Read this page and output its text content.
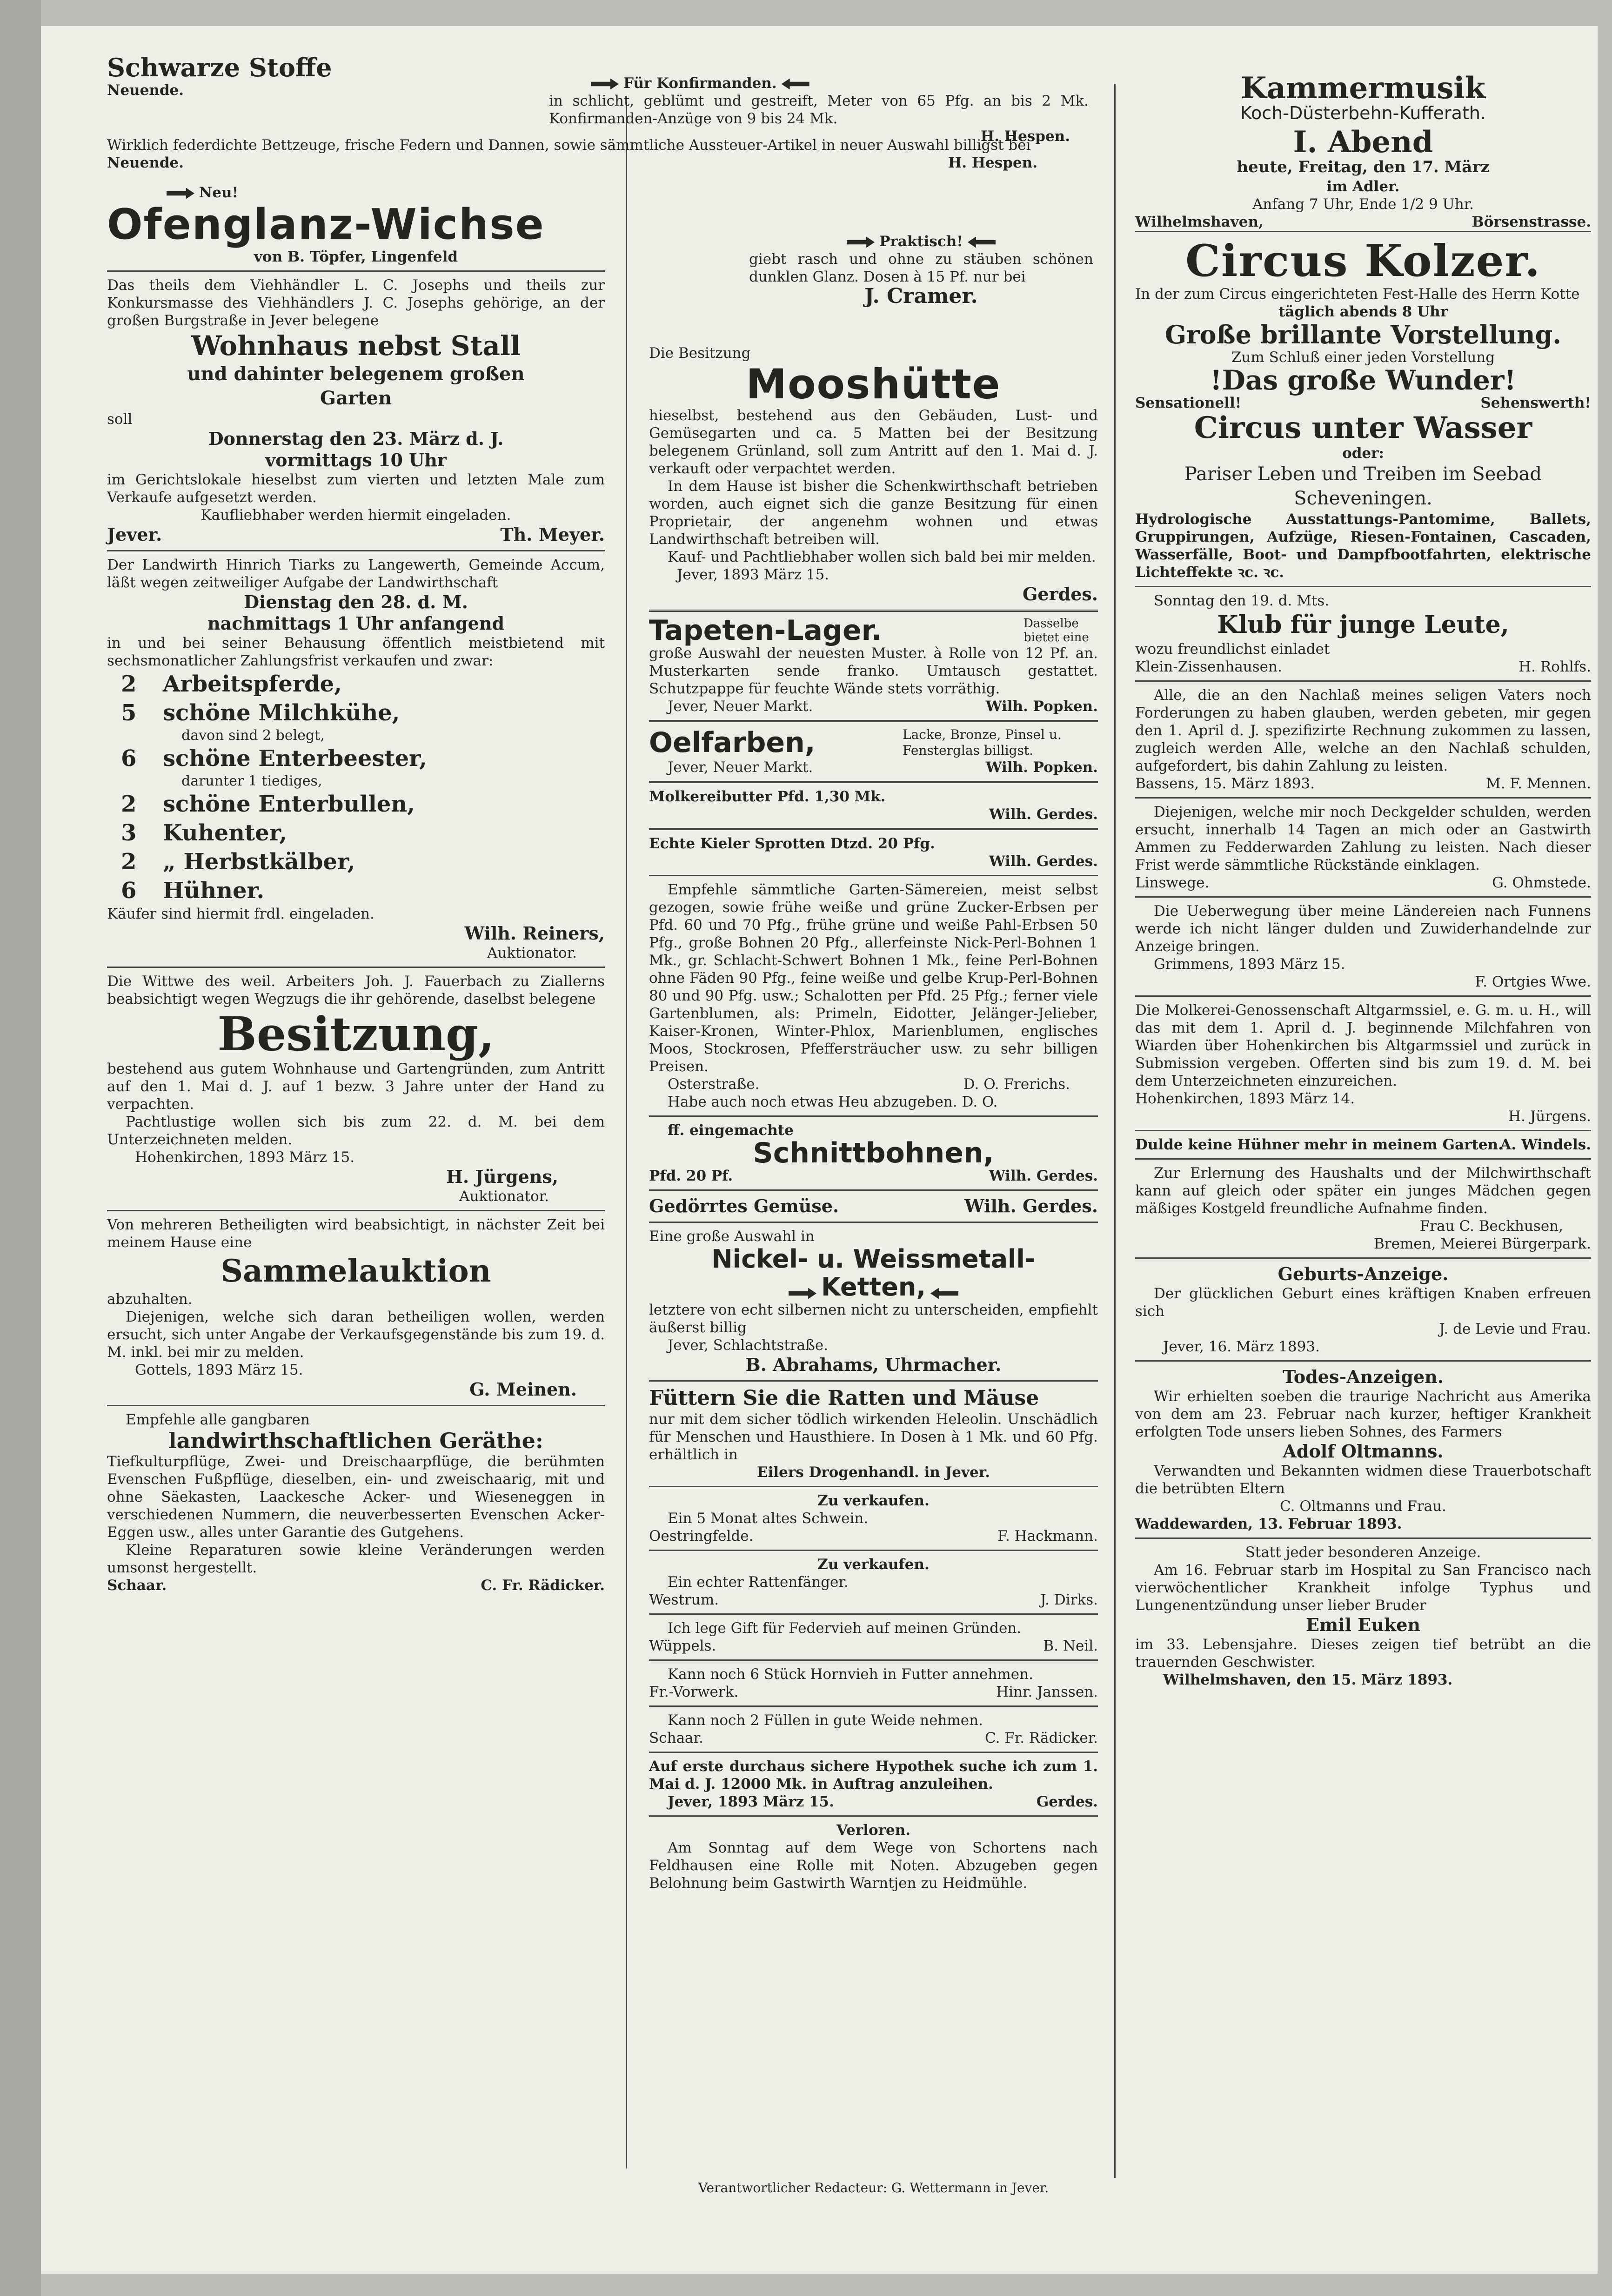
Schwarze Stoffe
Neuende.
Wirklich federdichte Bettzeuge, frische Federn und Dannen, sowie sämmtliche Aussteuer-Artikel in neuer Auswahl billigst bei
Neuende.	H. Hespen.
Neu!
Ofenglanz-Wichse
von B. Töpfer, Lingenfeld
Das theils dem Viehhändler L. C. Josephs und theils zur Konkursmasse des Viehhändlers J. C. Josephs gehörige, an der großen Burgstraße in Jever belegene
Wohnhaus nebst Stall
und dahinter belegenem großen
Garten
soll
Donnerstag den 23. März d. J.
vormittags 10 Uhr
im Gerichtslokale hieselbst zum vierten und letzten Male zum Verkaufe aufgesetzt werden.
Kaufliebhaber werden hiermit eingeladen.
Jever.	Th. Meyer.
Der Landwirth Hinrich Tiarks zu Langewerth, Gemeinde Accum, läßt wegen zeitweiliger Aufgabe der Landwirthschaft
Dienstag den 28. d. M.
nachmittags 1 Uhr anfangend
in und bei seiner Behausung öffentlich meistbietend mit sechsmonatlicher Zahlungsfrist verkaufen und zwar:
2	Arbeitspferde,
5	schöne Milchkühe,
davon sind 2 belegt,
6	schöne Enterbeester,
darunter 1 tiediges,
2	schöne Enterbullen,
3	Kuhenter,
2	„ Herbstkälber,
6	Hühner.
Käufer sind hiermit frdl. eingeladen.
Wilh. Reiners,
Auktionator.
Die Wittwe des weil. Arbeiters Joh. J. Fauerbach zu Ziallerns beabsichtigt wegen Wegzugs die ihr gehörende, daselbst belegene
Besitzung,
bestehend aus gutem Wohnhause und Gartengründen, zum Antritt auf den 1. Mai d. J. auf 1 bezw. 3 Jahre unter der Hand zu verpachten.
Pachtlustige wollen sich bis zum 22. d. M. bei dem Unterzeichneten melden.
Hohenkirchen, 1893 März 15.
H. Jürgens,
Auktionator.
Von mehreren Betheiligten wird beabsichtigt, in nächster Zeit bei meinem Hause eine
Sammelauktion
abzuhalten.
Diejenigen, welche sich daran betheiligen wollen, werden ersucht, sich unter Angabe der Verkaufsgegenstände bis zum 19. d. M. inkl. bei mir zu melden.
Gottels, 1893 März 15.
G. Meinen.
Empfehle alle gangbaren
landwirthschaftlichen Geräthe:
Tiefkulturpflüge, Zwei- und Dreischaarpflüge, die berühmten Evenschen Fußpflüge, dieselben, ein- und zweischaarig, mit und ohne Säekasten, Laackesche Acker- und Wieseneggen in verschiedenen Nummern, die neuverbesserten Evenschen Acker-Eggen usw., alles unter Garantie des Gutgehens.
Kleine Reparaturen sowie kleine Veränderungen werden umsonst hergestellt.
Schaar.	C. Fr. Rädicker.
Für Konfirmanden.
in schlicht, geblümt und gestreift, Meter von 65 Pfg. an bis 2 Mk. Konfirmanden-Anzüge von 9 bis 24 Mk.
H. Hespen.
Praktisch!
giebt rasch und ohne zu stäuben schönen dunklen Glanz. Dosen à 15 Pf. nur bei
J. Cramer.
Die Besitzung
Mooshütte
hieselbst, bestehend aus den Gebäuden, Lust- und Gemüsegarten und ca. 5 Matten bei der Besitzung belegenem Grünland, soll zum Antritt auf den 1. Mai d. J. verkauft oder verpachtet werden.
In dem Hause ist bisher die Schenkwirthschaft betrieben worden, auch eignet sich die ganze Besitzung für einen Proprietair, der angenehm wohnen und etwas Landwirthschaft betreiben will.
Kauf- und Pachtliebhaber wollen sich bald bei mir melden.
Jever, 1893 März 15.
Gerdes.
Tapeten-Lager.	Dasselbe bietet eine
große Auswahl der neuesten Muster. à Rolle von 12 Pf. an. Musterkarten sende franko. Umtausch gestattet. Schutzpappe für feuchte Wände stets vorräthig.
Jever, Neuer Markt.	Wilh. Popken.
Oelfarben,	Lacke, Bronze, Pinsel u. Fensterglas billigst.
Jever, Neuer Markt.	Wilh. Popken.
Molkereibutter Pfd. 1,30 Mk.
Wilh. Gerdes.
Echte Kieler Sprotten Dtzd. 20 Pfg.
Wilh. Gerdes.
Empfehle sämmtliche Garten-Sämereien, meist selbst gezogen, sowie frühe weiße und grüne Zucker-Erbsen per Pfd. 60 und 70 Pfg., frühe grüne und weiße Pahl-Erbsen 50 Pfg., große Bohnen 20 Pfg., allerfeinste Nick-Perl-Bohnen 1 Mk., gr. Schlacht-Schwert Bohnen 1 Mk., feine Perl-Bohnen ohne Fäden 90 Pfg., feine weiße und gelbe Krup-Perl-Bohnen 80 und 90 Pfg. usw.; Schalotten per Pfd. 25 Pfg.; ferner viele Gartenblumen, als: Primeln, Eidotter, Jelänger-Jelieber, Kaiser-Kronen, Winter-Phlox, Marienblumen, englisches Moos, Stockrosen, Pfeffersträucher usw. zu sehr billigen Preisen.
Osterstraße.	D. O. Frerichs.
Habe auch noch etwas Heu abzugeben. D. O.
ff. eingemachte
Schnittbohnen,
Pfd. 20 Pf.	Wilh. Gerdes.
Gedörrtes Gemüse.	Wilh. Gerdes.
Eine große Auswahl in
Nickel- u. Weissmetall-
Ketten,
letztere von echt silbernen nicht zu unterscheiden, empfiehlt äußerst billig
Jever, Schlachtstraße.
B. Abrahams, Uhrmacher.
Füttern Sie die Ratten und Mäuse
nur mit dem sicher tödlich wirkenden Heleolin. Unschädlich für Menschen und Hausthiere. In Dosen à 1 Mk. und 60 Pfg. erhältlich in
Eilers Drogenhandl. in Jever.
Zu verkaufen.
Ein 5 Monat altes Schwein.
Oestringfelde.	F. Hackmann.
Zu verkaufen.
Ein echter Rattenfänger.
Westrum.	J. Dirks.
Ich lege Gift für Federvieh auf meinen Gründen.
Wüppels.	B. Neil.
Kann noch 6 Stück Hornvieh in Futter annehmen.
Fr.-Vorwerk.	Hinr. Janssen.
Kann noch 2 Füllen in gute Weide nehmen.
Schaar.	C. Fr. Rädicker.
Auf erste durchaus sichere Hypothek suche ich zum 1. Mai d. J. 12000 Mk. in Auftrag anzuleihen.
Jever, 1893 März 15.	Gerdes.
Verloren.
Am Sonntag auf dem Wege von Schortens nach Feldhausen eine Rolle mit Noten. Abzugeben gegen Belohnung beim Gastwirth Warntjen zu Heidmühle.
Verantwortlicher Redacteur: G. Wettermann in Jever.
Kammermusik
Koch-Düsterbehn-Kufferath.
I. Abend
heute, Freitag, den 17. März
im Adler.
Anfang 7 Uhr, Ende 1/2 9 Uhr.
Wilhelmshaven,	Börsenstrasse.
Circus Kolzer.
In der zum Circus eingerichteten Fest-Halle des Herrn Kotte
täglich abends 8 Uhr
Große brillante Vorstellung.
Zum Schluß einer jeden Vorstellung
!Das große Wunder!
Sensationell!	Sehenswerth!
Circus unter Wasser
oder:
Pariser Leben und Treiben im Seebad Scheveningen.
Hydrologische Ausstattungs-Pantomime, Ballets, Gruppirungen, Aufzüge, Riesen-Fontainen, Cascaden, Wasserfälle, Boot- und Dampfbootfahrten, elektrische Lichteffekte ꝛc. ꝛc.
Sonntag den 19. d. Mts.
Klub für junge Leute,
wozu freundlichst einladet
Klein-Zissenhausen.	H. Rohlfs.
Alle, die an den Nachlaß meines seligen Vaters noch Forderungen zu haben glauben, werden gebeten, mir gegen den 1. April d. J. spezifizirte Rechnung zukommen zu lassen, zugleich werden Alle, welche an den Nachlaß schulden, aufgefordert, bis dahin Zahlung zu leisten.
Bassens, 15. März 1893.	M. F. Mennen.
Diejenigen, welche mir noch Deckgelder schulden, werden ersucht, innerhalb 14 Tagen an mich oder an Gastwirth Ammen zu Fedderwarden Zahlung zu leisten. Nach dieser Frist werde sämmtliche Rückstände einklagen.
Linswege.	G. Ohmstede.
Die Ueberwegung über meine Ländereien nach Funnens werde ich nicht länger dulden und Zuwiderhandelnde zur Anzeige bringen.
Grimmens, 1893 März 15.
F. Ortgies Wwe.
Die Molkerei-Genossenschaft Altgarmssiel, e. G. m. u. H., will das mit dem 1. April d. J. beginnende Milchfahren von Wiarden über Hohenkirchen bis Altgarmssiel und zurück in Submission vergeben. Offerten sind bis zum 19. d. M. bei dem Unterzeichneten einzureichen.
Hohenkirchen, 1893 März 14.
H. Jürgens.
Dulde keine Hühner mehr in meinem Garten.
A. Windels.
Zur Erlernung des Haushalts und der Milchwirthschaft kann auf gleich oder später ein junges Mädchen gegen mäßiges Kostgeld freundliche Aufnahme finden.
Frau C. Beckhusen,
Bremen, Meierei Bürgerpark.
Geburts-Anzeige.
Der glücklichen Geburt eines kräftigen Knaben erfreuen sich
J. de Levie und Frau.
Jever, 16. März 1893.
Todes-Anzeigen.
Wir erhielten soeben die traurige Nachricht aus Amerika von dem am 23. Februar nach kurzer, heftiger Krankheit erfolgten Tode unsers lieben Sohnes, des Farmers
Adolf Oltmanns.
Verwandten und Bekannten widmen diese Trauerbotschaft die betrübten Eltern
C. Oltmanns und Frau.
Waddewarden, 13. Februar 1893.
Statt jeder besonderen Anzeige.
Am 16. Februar starb im Hospital zu San Francisco nach vierwöchentlicher Krankheit infolge Typhus und Lungenentzündung unser lieber Bruder
Emil Euken
im 33. Lebensjahre. Dieses zeigen tief betrübt an die trauernden Geschwister.
Wilhelmshaven, den 15. März 1893.
